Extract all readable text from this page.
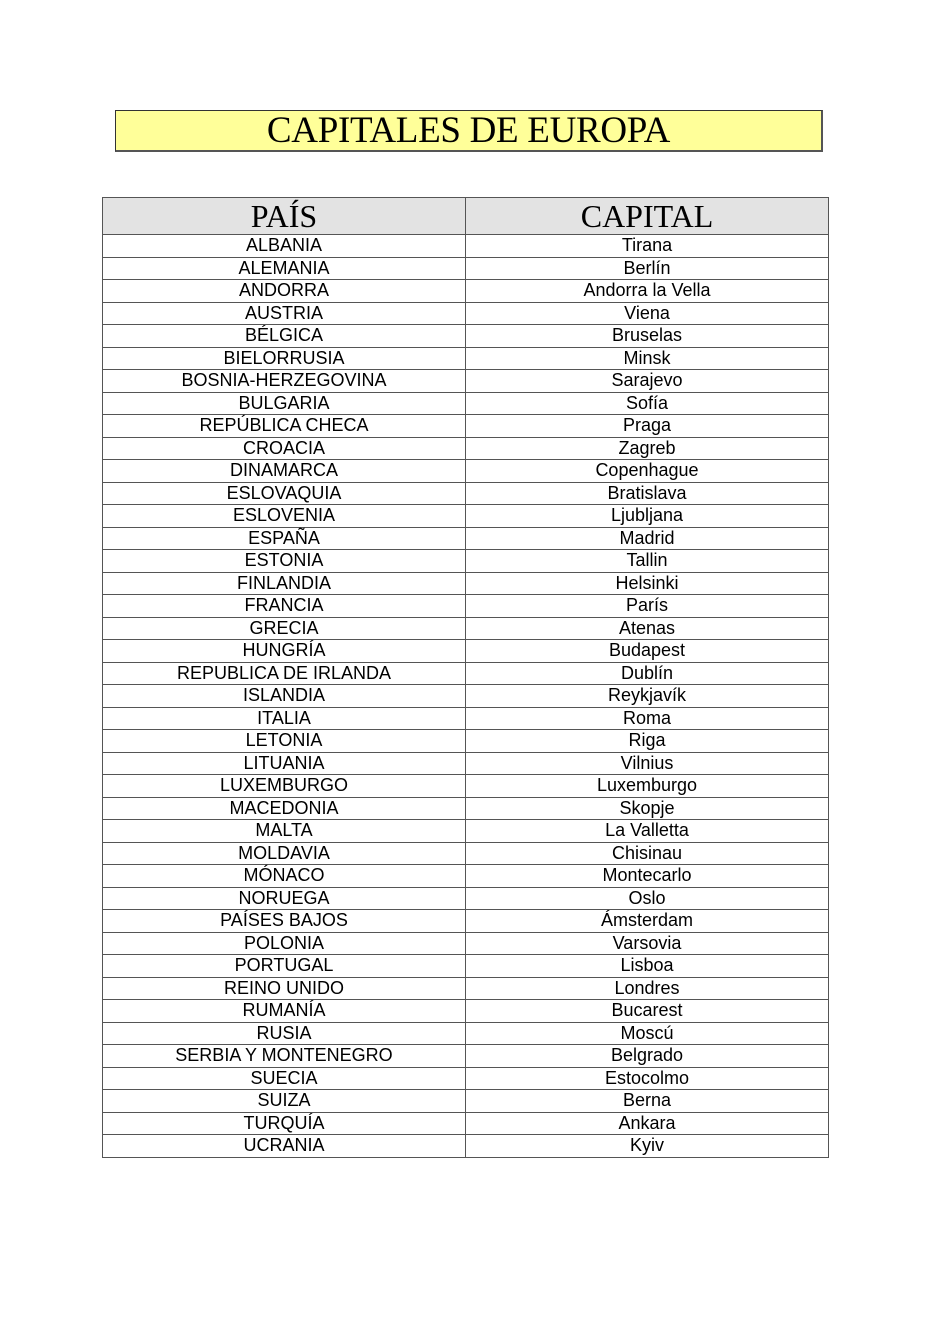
CAPITALES DE EUROPA
PAÍS	CAPITAL
ALBANIA	Tirana
ALEMANIA	Berlín
ANDORRA	Andorra la Vella
AUSTRIA	Viena
BÉLGICA	Bruselas
BIELORRUSIA	Minsk
BOSNIA-HERZEGOVINA	Sarajevo
BULGARIA	Sofía
REPÚBLICA CHECA	Praga
CROACIA	Zagreb
DINAMARCA	Copenhague
ESLOVAQUIA	Bratislava
ESLOVENIA	Ljubljana
ESPAÑA	Madrid
ESTONIA	Tallin
FINLANDIA	Helsinki
FRANCIA	París
GRECIA	Atenas
HUNGRÍA	Budapest
REPUBLICA DE IRLANDA	Dublín
ISLANDIA	Reykjavík
ITALIA	Roma
LETONIA	Riga
LITUANIA	Vilnius
LUXEMBURGO	Luxemburgo
MACEDONIA	Skopje
MALTA	La Valletta
MOLDAVIA	Chisinau
MÓNACO	Montecarlo
NORUEGA	Oslo
PAÍSES BAJOS	Ámsterdam
POLONIA	Varsovia
PORTUGAL	Lisboa
REINO UNIDO	Londres
RUMANÍA	Bucarest
RUSIA	Moscú
SERBIA Y MONTENEGRO	Belgrado
SUECIA	Estocolmo
SUIZA	Berna
TURQUÍA	Ankara
UCRANIA	Kyiv
